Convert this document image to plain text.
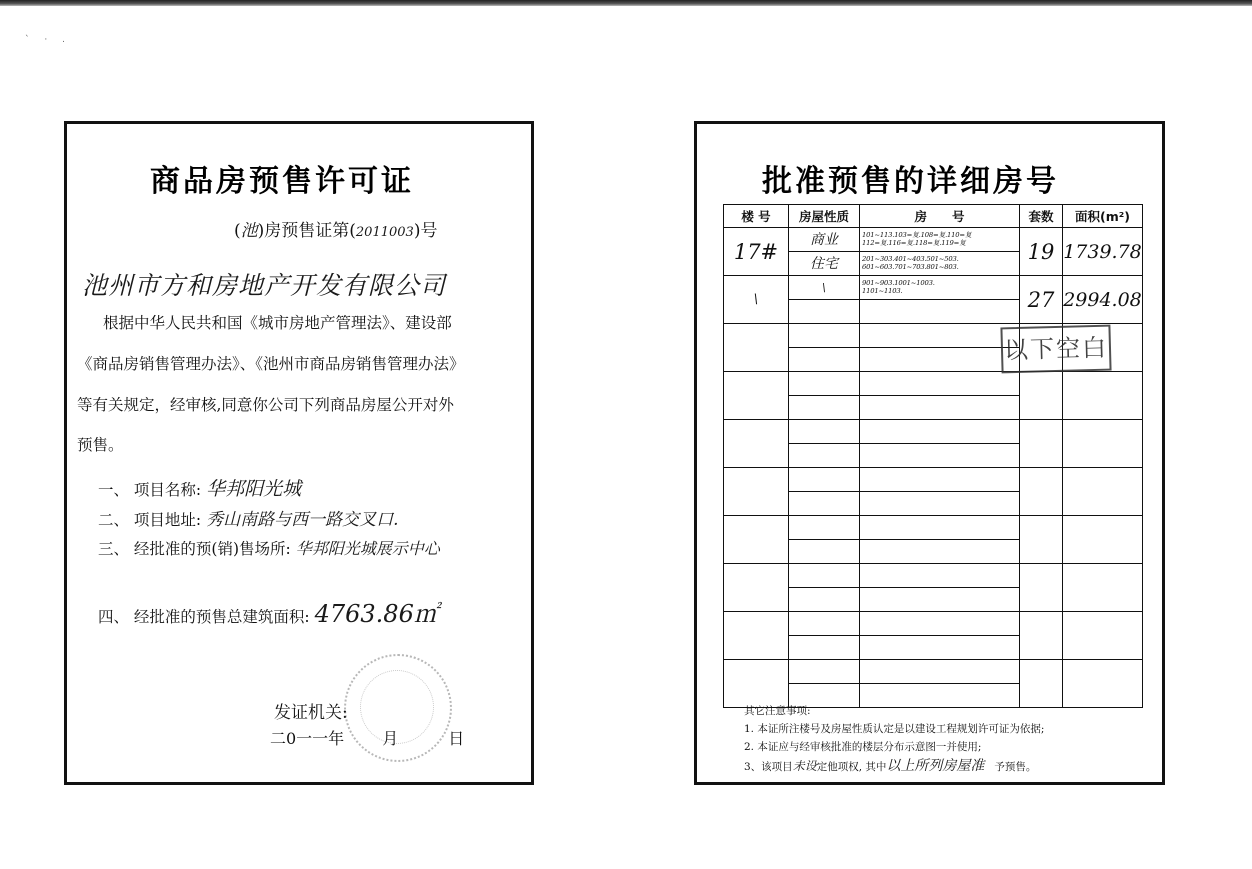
` · .
商品房预售许可证
(池)房预售证第(2011003)号
池州市方和房地产开发有限公司
根据中华人民共和国《城市房地产管理法》、建设部
《商品房销售管理办法》、《池州市商品房销售管理办法》
等有关规定，经审核,同意你公司下列商品房屋公开对外
预售。
一、 项目名称: 华邦阳光城
二、 项目地址: 秀山南路与西一路交叉口.
三、 经批准的预(销)售场所: 华邦阳光城展示中心
四、 经批准的预售总建筑面积: 4763.86㎡
发证机关:
二0一一年 月	日
批准预售的详细房号
楼 号	房屋性质	房　　号	套数	面积(m²)

17#	商业	101~113.103=复.108=复.110=复
112=复.116=复.118=复.119=复	19	1739.78

	住宅	201~303.401~403.501~503.
601~603.701~703.801~803.		

\	\	901~903.1001~1003.
1101~1103.	27	2994.08

以下空白
其它注意事项:
1. 本证所注楼号及房屋性质认定是以建设工程规划许可证为依据;
2. 本证应与经审核批准的楼层分布示意图一并使用;
3、该项目未设定他项权, 其中以上所列房屋准 予预售。
